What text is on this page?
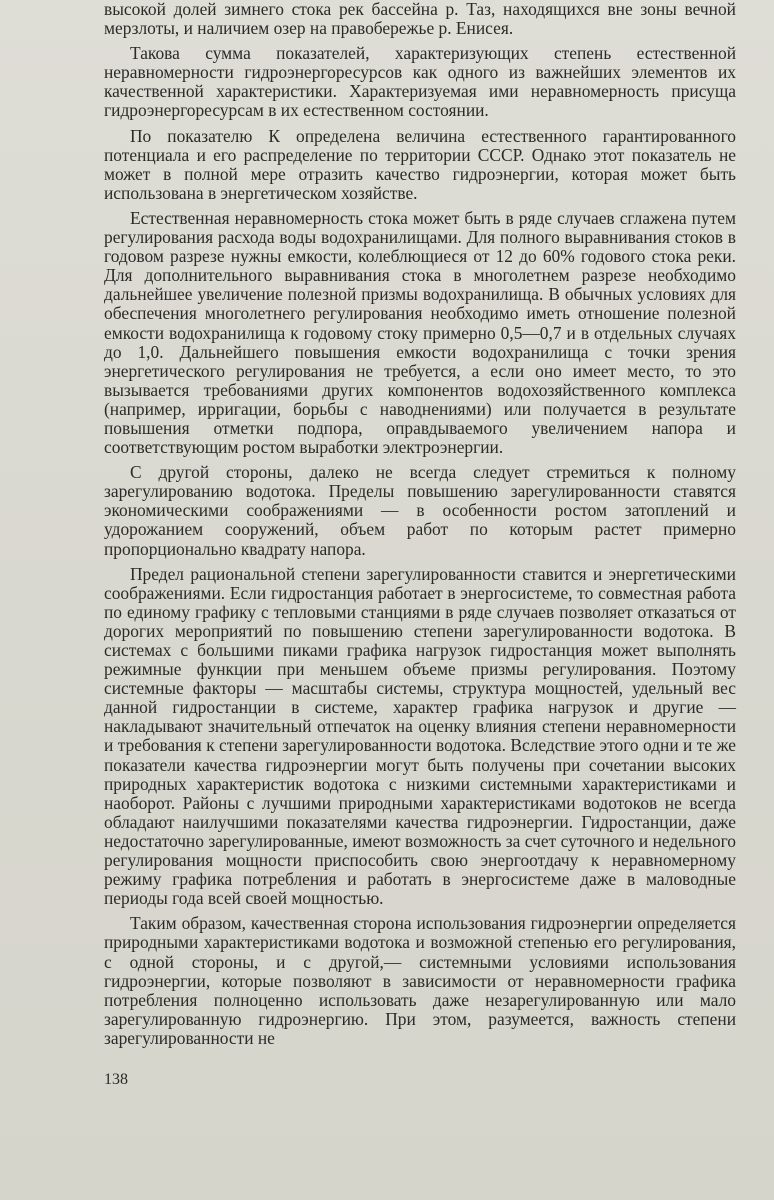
высокой долей зимнего стока рек бассейна р. Таз, находящихся вне зоны вечной мерзлоты, и наличием озер на правобережье р. Енисея.

Такова сумма показателей, характеризующих степень естественной неравномерности гидроэнергоресурсов как одного из важнейших элементов их качественной характеристики. Характеризуемая ими неравномерность присуща гидроэнергоресурсам в их естественном состоянии.

По показателю К определена величина естественного гарантированного потенциала и его распределение по территории СССР. Однако этот показатель не может в полной мере отразить качество гидроэнергии, которая может быть использована в энергетическом хозяйстве.

Естественная неравномерность стока может быть в ряде случаев сглажена путем регулирования расхода воды водохранилищами. Для полного выравнивания стоков в годовом разрезе нужны емкости, колеблющиеся от 12 до 60% годового стока реки. Для дополнительного выравнивания стока в многолетнем разрезе необходимо дальнейшее увеличение полезной призмы водохранилища. В обычных условиях для обеспечения многолетнего регулирования необходимо иметь отношение полезной емкости водохранилища к годовому стоку примерно 0,5—0,7 и в отдельных случаях до 1,0. Дальнейшего повышения емкости водохранилища с точки зрения энергетического регулирования не требуется, а если оно имеет место, то это вызывается требованиями других компонентов водохозяйственного комплекса (например, ирригации, борьбы с наводнениями) или получается в результате повышения отметки подпора, оправдываемого увеличением напора и соответствующим ростом выработки электроэнергии.

С другой стороны, далеко не всегда следует стремиться к полному зарегулированию водотока. Пределы повышению зарегулированности ставятся экономическими соображениями — в особенности ростом затоплений и удорожанием сооружений, объем работ по которым растет примерно пропорционально квадрату напора.

Предел рациональной степени зарегулированности ставится и энергетическими соображениями. Если гидростанция работает в энергосистеме, то совместная работа по единому графику с тепловыми станциями в ряде случаев позволяет отказаться от дорогих мероприятий по повышению степени зарегулированности водотока. В системах с большими пиками графика нагрузок гидростанция может выполнять режимные функции при меньшем объеме призмы регулирования. Поэтому системные факторы — масштабы системы, структура мощностей, удельный вес данной гидростанции в системе, характер графика нагрузок и другие — накладывают значительный отпечаток на оценку влияния степени неравномерности и требования к степени зарегулированности водотока. Вследствие этого одни и те же показатели качества гидроэнергии могут быть получены при сочетании высоких природных характеристик водотока с низкими системными характеристиками и наоборот. Районы с лучшими природными характеристиками водотоков не всегда обладают наилучшими показателями качества гидроэнергии. Гидростанции, даже недостаточно зарегулированные, имеют возможность за счет суточного и недельного регулирования мощности приспособить свою энергоотдачу к неравномерному режиму графика потребления и работать в энергосистеме даже в маловодные периоды года всей своей мощностью.

Таким образом, качественная сторона использования гидроэнергии определяется природными характеристиками водотока и возможной степенью его регулирования, с одной стороны, и с другой,— системными условиями использования гидроэнергии, которые позволяют в зависимости от неравномерности графика потребления полноценно использовать даже незарегулированную или мало зарегулированную гидроэнергию. При этом, разумеется, важность степени зарегулированности не

138
